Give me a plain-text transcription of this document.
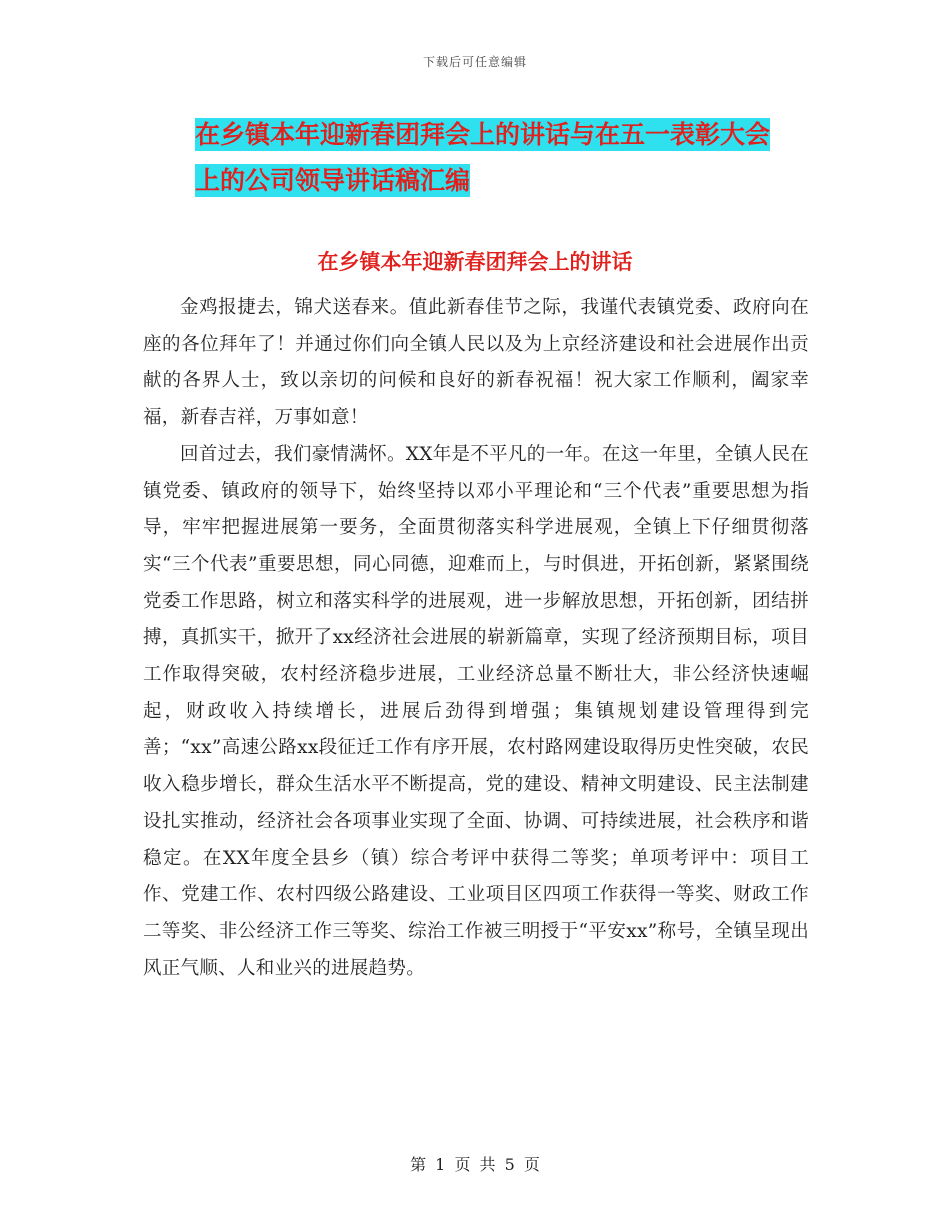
下载后可任意编辑
在乡镇本年迎新春团拜会上的讲话与在五一表彰大会
上的公司领导讲话稿汇编
在乡镇本年迎新春团拜会上的讲话

金鸡报捷去，锦犬送春来。值此新春佳节之际，我谨代表镇党委、政府向在座的各位拜年了！并通过你们向全镇人民以及为上京经济建设和社会进展作出贡献的各界人士，致以亲切的问候和良好的新春祝福！祝大家工作顺利，阖家幸福，新春吉祥，万事如意！

回首过去，我们豪情满怀。XX年是不平凡的一年。在这一年里，全镇人民在镇党委、镇政府的领导下，始终坚持以邓小平理论和“三个代表”重要思想为指导，牢牢把握进展第一要务，全面贯彻落实科学进展观，全镇上下仔细贯彻落实“三个代表”重要思想，同心同德，迎难而上，与时俱进，开拓创新，紧紧围绕党委工作思路，树立和落实科学的进展观，进一步解放思想，开拓创新，团结拼搏，真抓实干，掀开了xx经济社会进展的崭新篇章，实现了经济预期目标，项目工作取得突破，农村经济稳步进展，工业经济总量不断壮大，非公经济快速崛起，财政收入持续增长，进展后劲得到增强；集镇规划建设管理得到完善；“xx”高速公路xx段征迁工作有序开展，农村路网建设取得历史性突破，农民收入稳步增长，群众生活水平不断提高，党的建设、精神文明建设、民主法制建设扎实推动，经济社会各项事业实现了全面、协调、可持续进展，社会秩序和谐稳定。在XX年度全县乡（镇）综合考评中获得二等奖；单项考评中：项目工作、党建工作、农村四级公路建设、工业项目区四项工作获得一等奖、财政工作二等奖、非公经济工作三等奖、综治工作被三明授于“平安xx”称号，全镇呈现出风正气顺、人和业兴的进展趋势。

第 1 页 共 5 页
